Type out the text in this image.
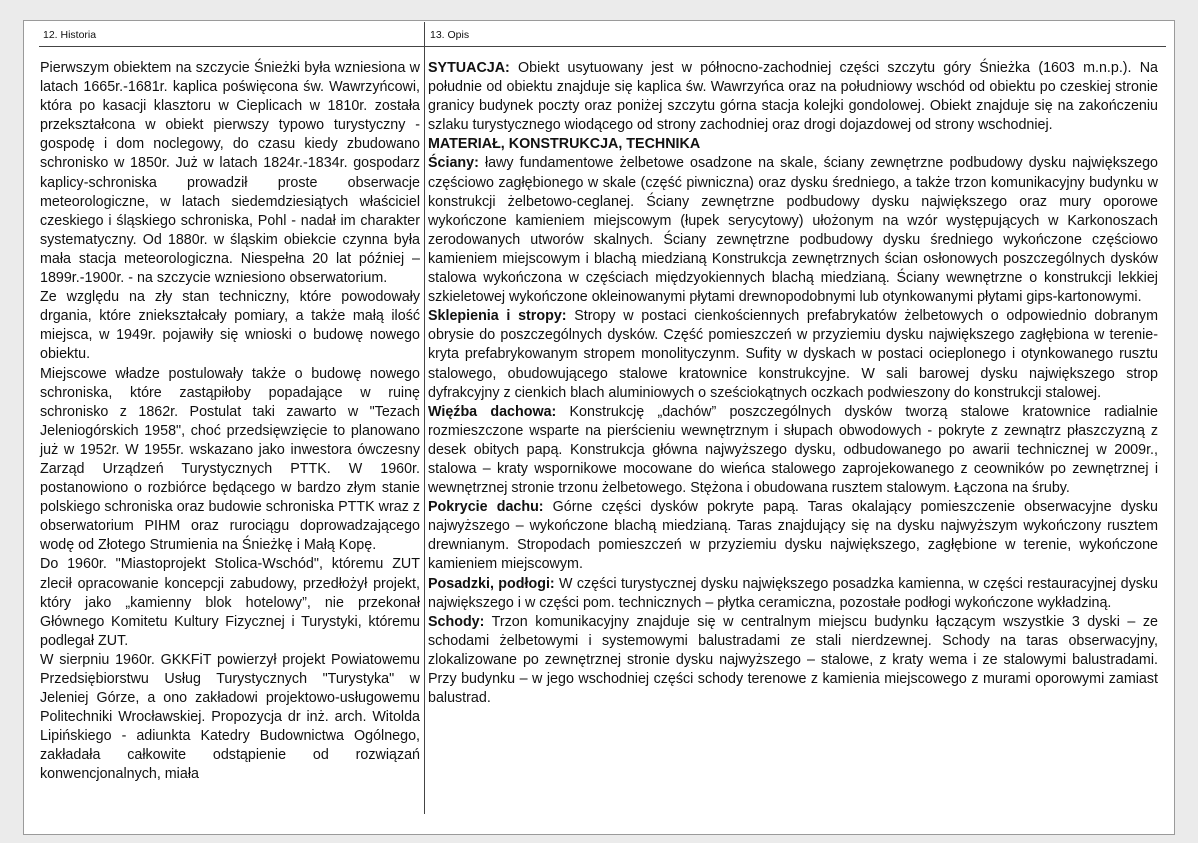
12. Historia	13. Opis

Pierwszym obiektem na szczycie Śnieżki była wzniesiona w latach 1665r.-1681r. kaplica poświęcona św. Wawrzyńcowi, która po kasacji klasztoru w Cieplicach w 1810r. została przekształcona w obiekt pierwszy typowo turystyczny - gospodę i dom noclegowy, do czasu kiedy zbudowano schronisko w 1850r. Już w latach 1824r.-1834r. gospodarz kaplicy-schroniska prowadził proste obserwacje meteorologiczne, w latach siedemdziesiątych właściciel czeskiego i śląskiego schroniska, Pohl - nadał im charakter systematyczny. Od 1880r. w śląskim obiekcie czynna była mała stacja meteorologiczna. Niespełna 20 lat później – 1899r.-1900r. - na szczycie wzniesiono obserwatorium.

Ze względu na zły stan techniczny, które powodowały drgania, które zniekształcały pomiary, a także małą ilość miejsca, w 1949r. pojawiły się wnioski o budowę nowego obiektu.

Miejscowe władze postulowały także o budowę nowego schroniska, które zastąpiłoby popadające w ruinę schronisko z 1862r. Postulat taki zawarto w "Tezach Jeleniogórskich 1958", choć przedsięwzięcie to planowano już w 1952r. W 1955r. wskazano jako inwestora ówczesny Zarząd Urządzeń Turystycznych PTTK. W 1960r. postanowiono o rozbiórce będącego w bardzo złym stanie polskiego schroniska oraz budowie schroniska PTTK wraz z obserwatorium PIHM oraz rurociągu doprowadzającego wodę od Złotego Strumienia na Śnieżkę i Małą Kopę.

Do 1960r. "Miastoprojekt Stolica-Wschód", któremu ZUT zlecił opracowanie koncepcji zabudowy, przedłożył projekt, który jako „kamienny blok hotelowy”, nie przekonał Głównego Komitetu Kultury Fizycznej i Turystyki, któremu podlegał ZUT.

W sierpniu 1960r. GKKFiT powierzył projekt Powiatowemu Przedsiębiorstwu Usług Turystycznych "Turystyka" w Jeleniej Górze, a ono zakładowi projektowo-usługowemu Politechniki Wrocławskiej. Propozycja dr inż. arch. Witolda Lipińskiego - adiunkta Katedry Budownictwa Ogólnego, zakładała całkowite odstąpienie od rozwiązań konwencjonalnych, miała

SYTUACJA: Obiekt usytuowany jest w północno-zachodniej części szczytu góry Śnieżka (1603 m.n.p.). Na południe od obiektu znajduje się kaplica św. Wawrzyńca oraz na południowy wschód od obiektu po czeskiej stronie granicy budynek poczty oraz poniżej szczytu górna stacja kolejki gondolowej. Obiekt znajduje się na zakończeniu szlaku turystycznego wiodącego od strony zachodniej oraz drogi dojazdowej od strony wschodniej.

MATERIAŁ, KONSTRUKCJA, TECHNIKA

Ściany: ławy fundamentowe żelbetowe osadzone na skale, ściany zewnętrzne podbudowy dysku największego częściowo zagłębionego w skale (część piwniczna) oraz dysku średniego, a także trzon komunikacyjny budynku w konstrukcji żelbetowo-ceglanej. Ściany zewnętrzne podbudowy dysku największego oraz mury oporowe wykończone kamieniem miejscowym (łupek serycytowy) ułożonym na wzór występujących w Karkonoszach zerodowanych utworów skalnych. Ściany zewnętrzne podbudowy dysku średniego wykończone częściowo kamieniem miejscowym i blachą miedzianą Konstrukcja zewnętrznych ścian osłonowych poszczególnych dysków stalowa wykończona w częściach międzyokiennych blachą miedzianą. Ściany wewnętrzne o konstrukcji lekkiej szkieletowej wykończone okleinowanymi płytami drewnopodobnymi lub otynkowanymi płytami gips-kartonowymi.

Sklepienia i stropy: Stropy w postaci cienkościennych prefabrykatów żelbetowych o odpowiednio dobranym obrysie do poszczególnych dysków. Część pomieszczeń w przyziemiu dysku największego zagłębiona w terenie-kryta prefabrykowanym stropem monolityczynm. Sufity w dyskach w postaci ocieplonego i otynkowanego rusztu stalowego, obudowującego stalowe kratownice konstrukcyjne. W sali barowej dysku największego strop dyfrakcyjny z cienkich blach aluminiowych o sześciokątnych oczkach podwieszony do konstrukcji stalowej.

Więźba dachowa: Konstrukcję „dachów” poszczególnych dysków tworzą stalowe kratownice radialnie rozmieszczone wsparte na pierścieniu wewnętrznym i słupach obwodowych - pokryte z zewnątrz płaszczyzną z desek obitych papą. Konstrukcja główna najwyższego dysku, odbudowanego po awarii technicznej w 2009r., stalowa – kraty wspornikowe mocowane do wieńca stalowego zaprojekowanego z ceowników po zewnętrznej i wewnętrznej stronie trzonu żelbetowego. Stężona i obudowana rusztem stalowym. Łączona na śruby.

Pokrycie dachu: Górne części dysków pokryte papą. Taras okalający pomieszczenie obserwacyjne dysku najwyższego – wykończone blachą miedzianą. Taras znajdujący się na dysku najwyższym wykończony rusztem drewnianym. Stropodach pomieszczeń w przyziemiu dysku największego, zagłębione w terenie, wykończone kamieniem miejscowym.

Posadzki, podłogi: W części turystycznej dysku największego posadzka kamienna, w części restauracyjnej dysku największego i w części pom. technicznych – płytka ceramiczna, pozostałe podłogi wykończone wykładziną.

Schody: Trzon komunikacyjny znajduje się w centralnym miejscu budynku łączącym wszystkie 3 dyski – ze schodami żelbetowymi i systemowymi balustradami ze stali nierdzewnej. Schody na taras obserwacyjny, zlokalizowane po zewnętrznej stronie dysku najwyższego – stalowe, z kraty wema i ze stalowymi balustradami. Przy budynku – w jego wschodniej części schody terenowe z kamienia miejscowego z murami oporowymi zamiast balustrad.
